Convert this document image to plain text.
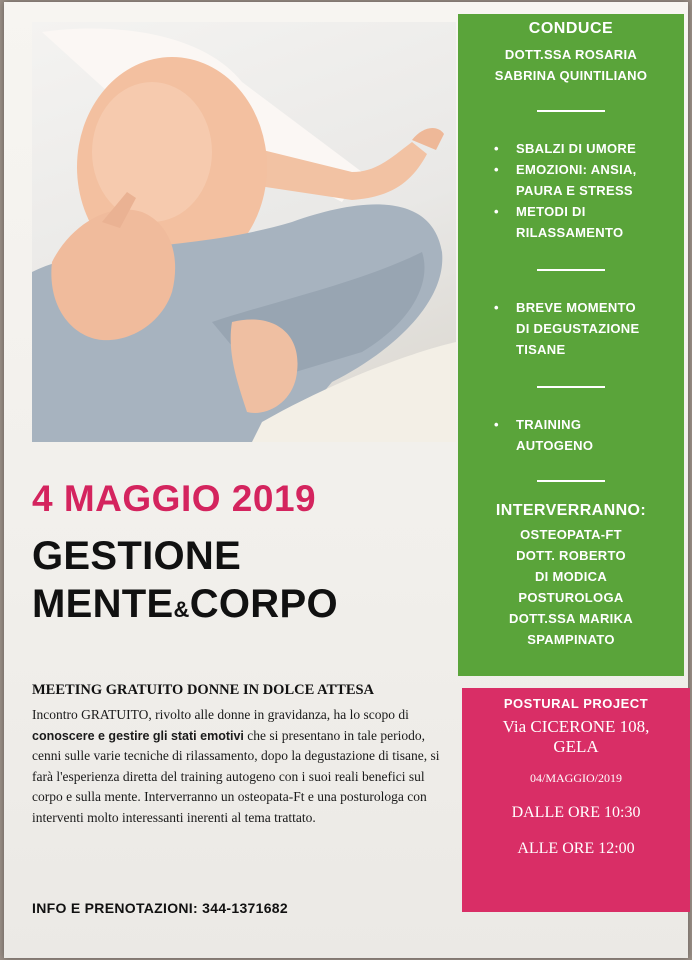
CONDUCE
DOTT.SSA ROSARIA
SABRINA QUINTILIANO
• SBALZI DI UMORE
• EMOZIONI: ANSIA,
PAURA E STRESS
• METODI DI
RILASSAMENTO
• BREVE MOMENTO
DI DEGUSTAZIONE
TISANE
• TRAINING
AUTOGENO
INTERVERRANNO:
OSTEOPATA-FT
DOTT. ROBERTO
DI MODICA
POSTUROLOGA
DOTT.SSA MARIKA
SPAMPINATO
POSTURAL PROJECT
Via CICERONE 108,
GELA
04/MAGGIO/2019
DALLE ORE 10:30
ALLE ORE 12:00
4 MAGGIO 2019
GESTIONE
MENTE&CORPO
MEETING GRATUITO DONNE IN DOLCE ATTESA
Incontro GRATUITO, rivolto alle donne in gravidanza, ha lo scopo di conoscere e gestire gli stati emotivi che si presentano in tale periodo, cenni sulle varie tecniche di rilassamento, dopo la degustazione di tisane, si farà l'esperienza diretta del training autogeno con i suoi reali benefici sul corpo e sulla mente. Interverranno un osteopata-Ft e una posturologa con interventi molto interessanti inerenti al tema trattato.
INFO E PRENOTAZIONI: 344-1371682
